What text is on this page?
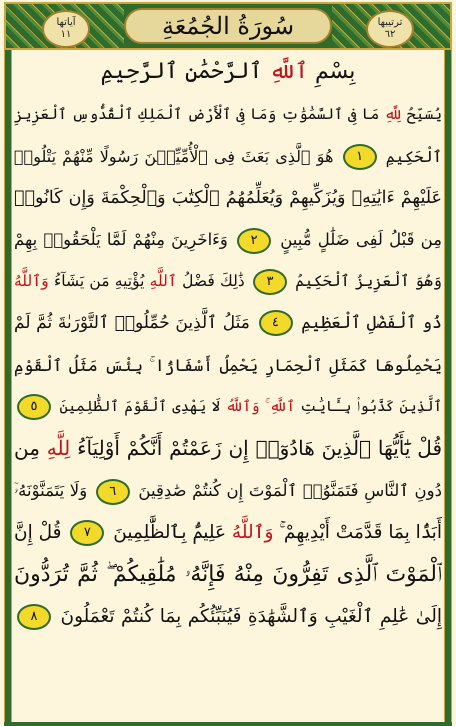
ترتيبها
٦٢
آياتها
١١	سُورَةُ الجُمُعَةِ
بِسْمِ

ٱللَّهِ

ٱلرَّحْمَٰنِ ٱلرَّحِيمِ
يُسَبِّحُ لِلَّهِ مَا فِى ٱلسَّمَٰوَٰتِ وَمَا فِى ٱلْأَرْضِ ٱلْمَلِكِ ٱلْقُدُّوسِ ٱلْعَزِيزِ
ٱلْحَكِيمِ ١ هُوَ ٱلَّذِى بَعَثَ فِى ٱلْأُمِّيِّـۧنَ رَسُولًا مِّنْهُمْ يَتْلُوا۟
عَلَيْهِمْ ءَايَٰتِهِۦ وَيُزَكِّيهِمْ وَيُعَلِّمُهُمُ ٱلْكِتَٰبَ وَٱلْحِكْمَةَ وَإِن كَانُوا۟
مِن قَبْلُ لَفِى ضَلَٰلٍ مُّبِينٍ ٢ وَءَاخَرِينَ مِنْهُمْ لَمَّا يَلْحَقُوا۟ بِهِمْ
وَهُوَ ٱلْعَزِيزُ ٱلْحَكِيمُ ٣ ذَٰلِكَ فَضْلُ ٱللَّهِ يُؤْتِيهِ مَن يَشَآءُ وَٱللَّهُ
ذُو ٱلْفَضْلِ ٱلْعَظِيمِ ٤ مَثَلُ ٱلَّذِينَ حُمِّلُوا۟ ٱلتَّوْرَىٰةَ ثُمَّ لَمْ
يَحْمِلُوهَا كَمَثَلِ ٱلْحِمَارِ يَحْمِلُ أَسْفَارًۢا ۚ بِئْسَ مَثَلُ ٱلْقَوْمِ
ٱلَّذِينَ كَذَّبُوا۟ بِـَٔايَٰتِ ٱللَّهِ ۚ وَٱللَّهُ لَا يَهْدِى ٱلْقَوْمَ ٱلظَّٰلِمِينَ ٥
قُلْ يَٰٓأَيُّهَا ٱلَّذِينَ هَادُوٓا۟ إِن زَعَمْتُمْ أَنَّكُمْ أَوْلِيَآءُ لِلَّهِ مِن
دُونِ ٱلنَّاسِ فَتَمَنَّوُا۟ ٱلْمَوْتَ إِن كُنتُمْ صَٰدِقِينَ ٦ وَلَا يَتَمَنَّوْنَهُۥٓ
أَبَدًۢا بِمَا قَدَّمَتْ أَيْدِيهِمْ ۚ وَٱللَّهُ عَلِيمٌۢ بِٱلظَّٰلِمِينَ ٧ قُلْ إِنَّ
ٱلْمَوْتَ ٱلَّذِى تَفِرُّونَ مِنْهُ فَإِنَّهُۥ مُلَٰقِيكُمْ ۖ ثُمَّ تُرَدُّونَ
إِلَىٰ عَٰلِمِ ٱلْغَيْبِ وَٱلشَّهَٰدَةِ فَيُنَبِّئُكُم بِمَا كُنتُمْ تَعْمَلُونَ ٨
